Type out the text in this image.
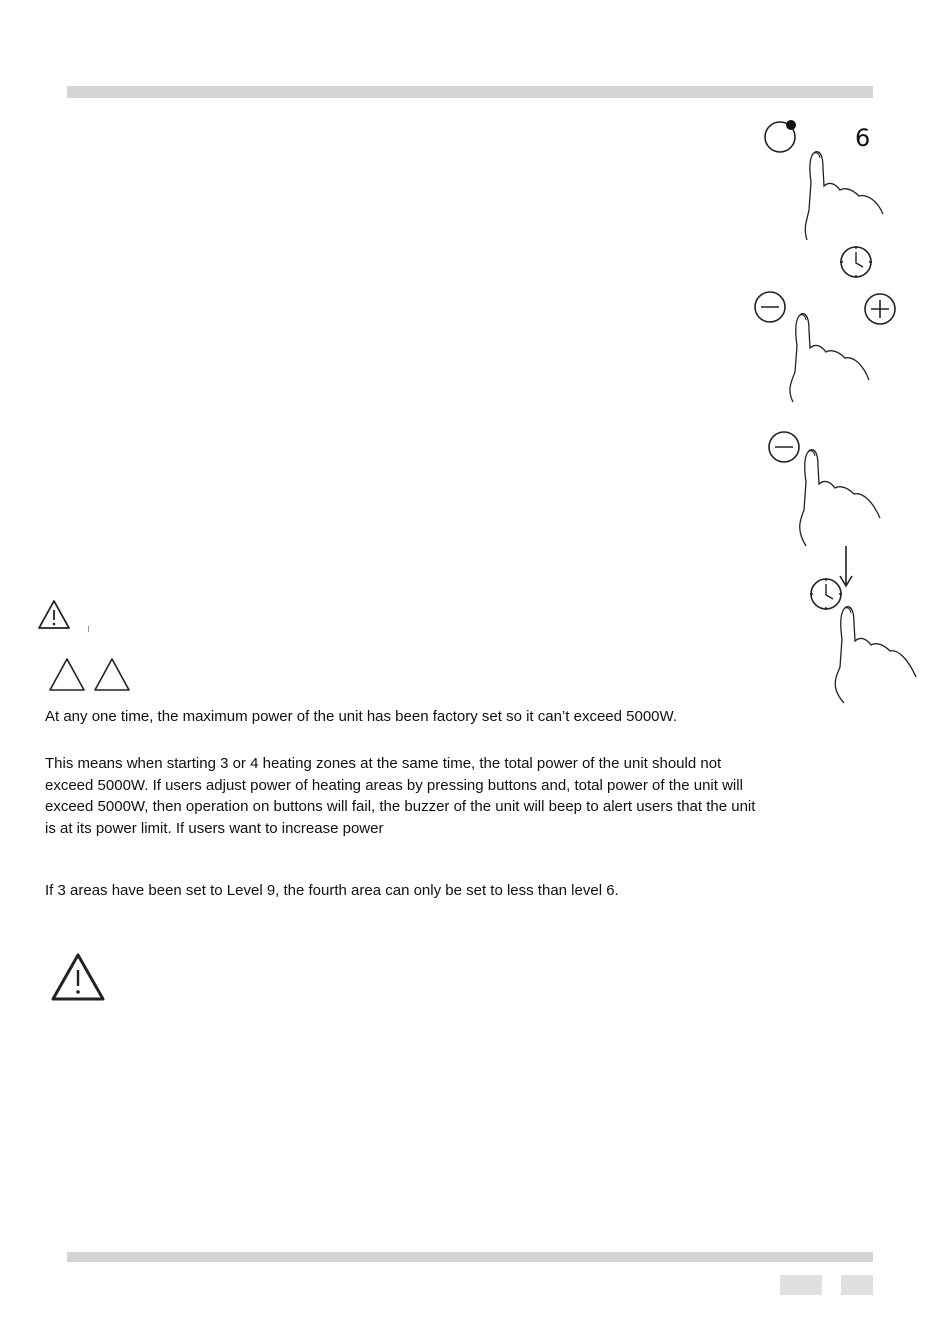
6

At any one time, the maximum power of the unit has been factory set so it can’t exceed 5000W.

This means when starting 3 or 4 heating zones at the same time, the total power of the unit should not exceed 5000W. If users adjust power of heating areas by pressing buttons and, total power of the unit will exceed 5000W, then operation on buttons will fail, the buzzer of the unit will beep to alert users that the unit is at its power limit. If users want to increase power

If 3 areas have been set to Level 9, the fourth area can only be set to less than level 6.
